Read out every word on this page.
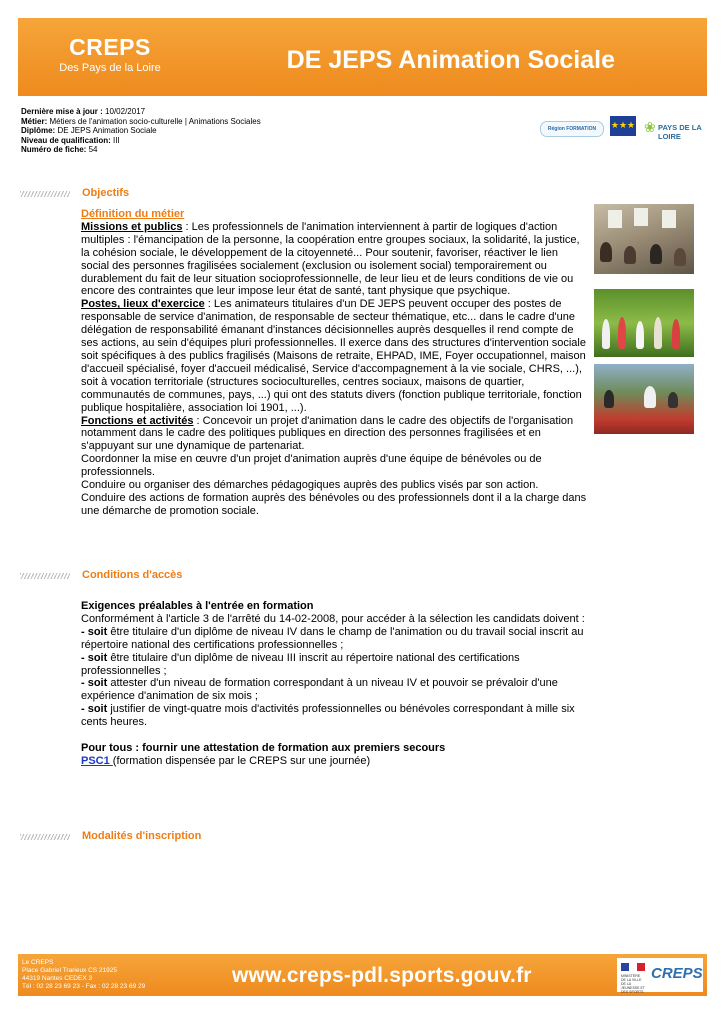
CREPS
Des Pays de la Loire	DE JEPS Animation Sociale
Dernière mise à jour : 10/02/2017
Métier: Métiers de l'animation socio-culturelle | Animations Sociales
Diplôme: DE JEPS Animation Sociale
Niveau de qualification: III
Numéro de fiche: 54
Région FORMATION	★★★ ❀ PAYS DE LA LOIRE
Objectifs

Définition du métier

Missions et publics : Les professionnels de l'animation interviennent à partir de logiques d'action multiples : l'émancipation de la personne, la coopération entre groupes sociaux, la solidarité, la justice, la cohésion sociale, le développement de la citoyenneté... Pour soutenir, favoriser, réactiver le lien social des personnes fragilisées socialement (exclusion ou isolement social) temporairement ou durablement du fait de leur situation socioprofessionnelle, de leur lieu et de leurs conditions de vie ou encore des contraintes que leur impose leur état de santé, tant physique que psychique.

Postes, lieux d'exercice : Les animateurs titulaires d'un DE JEPS peuvent occuper des postes de responsable de service d'animation, de responsable de secteur thématique, etc... dans le cadre d'une délégation de responsabilité émanant d'instances décisionnelles auprès desquelles il rend compte de ses actions, au sein d'équipes pluri professionnelles. Il exerce dans des structures d'intervention sociale soit spécifiques à des publics fragilisés (Maisons de retraite, EHPAD, IME, Foyer occupationnel, maison d'accueil spécialisé, foyer d'accueil médicalisé, Service d'accompagnement à la vie sociale, CHRS, ...), soit à vocation territoriale (structures socioculturelles, centres sociaux, maisons de quartier, communautés de communes, pays, ...) qui ont des statuts divers (fonction publique territoriale, fonction publique hospitalière, association loi 1901, ...).

Fonctions et activités : Concevoir un projet d'animation dans le cadre des objectifs de l'organisation notamment dans le cadre des politiques publiques en direction des personnes fragilisées et en s'appuyant sur une dynamique de partenariat.

Coordonner la mise en œuvre d'un projet d'animation auprès d'une équipe de bénévoles ou de professionnels.

Conduire ou organiser des démarches pédagogiques auprès des publics visés par son action.

Conduire des actions de formation auprès des bénévoles ou des professionnels dont il a la charge dans une démarche de promotion sociale.

Conditions d'accès

Exigences préalables à l'entrée en formation

Conformément à l'article 3 de l'arrêté du 14-02-2008, pour accéder à la sélection les candidats doivent :

- soit être titulaire d'un diplôme de niveau IV dans le champ de l'animation ou du travail social inscrit au répertoire national des certifications professionnelles ;

- soit être titulaire d'un diplôme de niveau III inscrit au répertoire national des certifications professionnelles ;

- soit attester d'un niveau de formation correspondant à un niveau IV et pouvoir se prévaloir d'une expérience d'animation de six mois ;

- soit justifier de vingt-quatre mois d'activités professionnelles ou bénévoles correspondant à mille six cents heures.

Pour tous : fournir une attestation de formation aux premiers secours

PSC1 (formation dispensée par le CREPS sur une journée)

Modalités d'inscription
Le CREPS
Place Gabriel Trarieux CS 21925
44319 Nantes CEDEX 3
Tél : 02 28 23 69 23 - Fax : 02 28 23 69 29	www.creps-pdl.sports.gouv.fr	MINISTÈRE DE LA VILLE DE LA JEUNESSE ET DES SPORTS
CREPS
